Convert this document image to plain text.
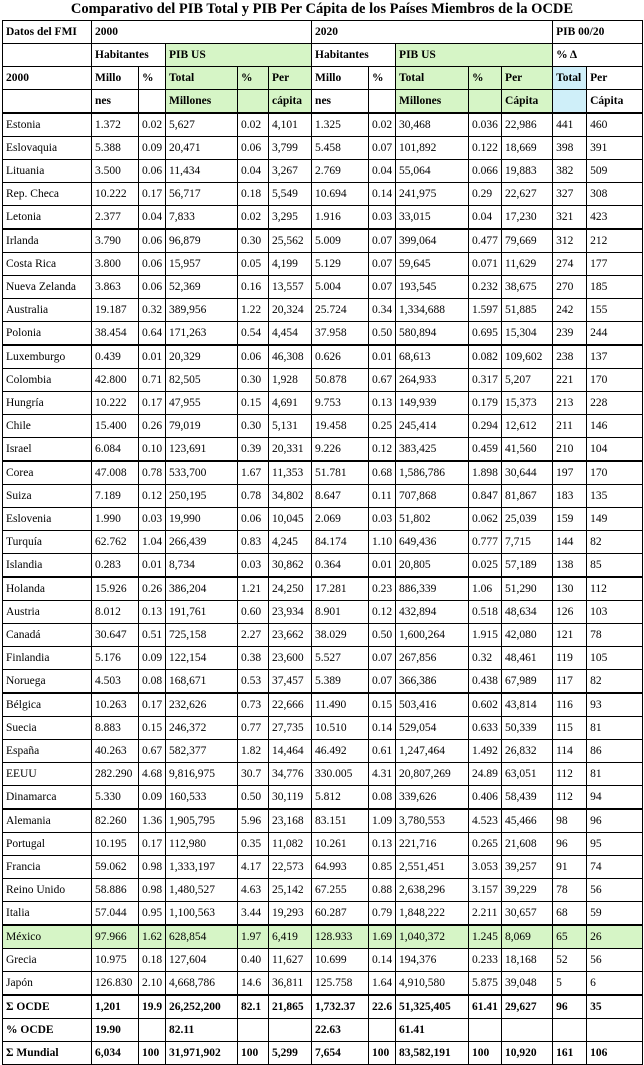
Comparativo del PIB Total y PIB Per Cápita de los Países Miembros de la OCDE
Datos del FMI	2000					2020					PIB 00/20	
	Habitantes		PIB US			Habitantes		PIB US			% Δ	
2000	Millo	%	Total	%	Per	Millo	%	Total	%	Per	Total	Per
	nes		Millones		cápita	nes		Millones		Cápita		Cápita
Estonia	1.372	0.02	5,627	0.02	4,101	1.325	0.02	30,468	0.036	22,986	441	460
Eslovaquia	5.388	0.09	20,471	0.06	3,799	5.458	0.07	101,892	0.122	18,669	398	391
Lituania	3.500	0.06	11,434	0.04	3,267	2.769	0.04	55,064	0.066	19,883	382	509
Rep. Checa	10.222	0.17	56,717	0.18	5,549	10.694	0.14	241,975	0.29	22,627	327	308
Letonia	2.377	0.04	7,833	0.02	3,295	1.916	0.03	33,015	0.04	17,230	321	423
Irlanda	3.790	0.06	96,879	0.30	25,562	5.009	0.07	399,064	0.477	79,669	312	212
Costa Rica	3.800	0.06	15,957	0.05	4,199	5.129	0.07	59,645	0.071	11,629	274	177
Nueva Zelanda	3.863	0.06	52,369	0.16	13,557	5.004	0.07	193,545	0.232	38,675	270	185
Australia	19.187	0.32	389,956	1.22	20,324	25.724	0.34	1,334,688	1.597	51,885	242	155
Polonia	38.454	0.64	171,263	0.54	4,454	37.958	0.50	580,894	0.695	15,304	239	244
Luxemburgo	0.439	0.01	20,329	0.06	46,308	0.626	0.01	68,613	0.082	109,602	238	137
Colombia	42.800	0.71	82,505	0.30	1,928	50.878	0.67	264,933	0.317	5,207	221	170
Hungría	10.222	0.17	47,955	0.15	4,691	9.753	0.13	149,939	0.179	15,373	213	228
Chile	15.400	0.26	79,019	0.30	5,131	19.458	0.25	245,414	0.294	12,612	211	146
Israel	6.084	0.10	123,691	0.39	20,331	9.226	0.12	383,425	0.459	41,560	210	104
Corea	47.008	0.78	533,700	1.67	11,353	51.781	0.68	1,586,786	1.898	30,644	197	170
Suiza	7.189	0.12	250,195	0.78	34,802	8.647	0.11	707,868	0.847	81,867	183	135
Eslovenia	1.990	0.03	19,990	0.06	10,045	2.069	0.03	51,802	0.062	25,039	159	149
Turquía	62.762	1.04	266,439	0.83	4,245	84.174	1.10	649,436	0.777	7,715	144	82
Islandia	0.283	0.01	8,734	0.03	30,862	0.364	0.01	20,805	0.025	57,189	138	85
Holanda	15.926	0.26	386,204	1.21	24,250	17.281	0.23	886,339	1.06	51,290	130	112
Austria	8.012	0.13	191,761	0.60	23,934	8.901	0.12	432,894	0.518	48,634	126	103
Canadá	30.647	0.51	725,158	2.27	23,662	38.029	0.50	1,600,264	1.915	42,080	121	78
Finlandia	5.176	0.09	122,154	0.38	23,600	5.527	0.07	267,856	0.32	48,461	119	105
Noruega	4.503	0.08	168,671	0.53	37,457	5.389	0.07	366,386	0.438	67,989	117	82
Bélgica	10.263	0.17	232,626	0.73	22,666	11.490	0.15	503,416	0.602	43,814	116	93
Suecia	8.883	0.15	246,372	0.77	27,735	10.510	0.14	529,054	0.633	50,339	115	81
España	40.263	0.67	582,377	1.82	14,464	46.492	0.61	1,247,464	1.492	26,832	114	86
EEUU	282.290	4.68	9,816,975	30.7	34,776	330.005	4.31	20,807,269	24.89	63,051	112	81
Dinamarca	5.330	0.09	160,533	0.50	30,119	5.812	0.08	339,626	0.406	58,439	112	94
Alemania	82.260	1.36	1,905,795	5.96	23,168	83.151	1.09	3,780,553	4.523	45,466	98	96
Portugal	10.195	0.17	112,980	0.35	11,082	10.261	0.13	221,716	0.265	21,608	96	95
Francia	59.062	0.98	1,333,197	4.17	22,573	64.993	0.85	2,551,451	3.053	39,257	91	74
Reino Unido	58.886	0.98	1,480,527	4.63	25,142	67.255	0.88	2,638,296	3.157	39,229	78	56
Italia	57.044	0.95	1,100,563	3.44	19,293	60.287	0.79	1,848,222	2.211	30,657	68	59
México	97.966	1.62	628,854	1.97	6,419	128.933	1.69	1,040,372	1.245	8,069	65	26
Grecia	10.975	0.18	127,604	0.40	11,627	10.699	0.14	194,376	0.233	18,168	52	56
Japón	126.830	2.10	4,668,786	14.6	36,811	125.758	1.64	4,910,580	5.875	39,048	5	6
Σ OCDE	1,201	19.9	26,252,200	82.1	21,865	1,732.37	22.6	51,325,405	61.41	29,627	96	35
% OCDE	19.90		82.11			22.63		61.41				
Σ Mundial	6,034	100	31,971,902	100	5,299	7,654	100	83,582,191	100	10,920	161	106
